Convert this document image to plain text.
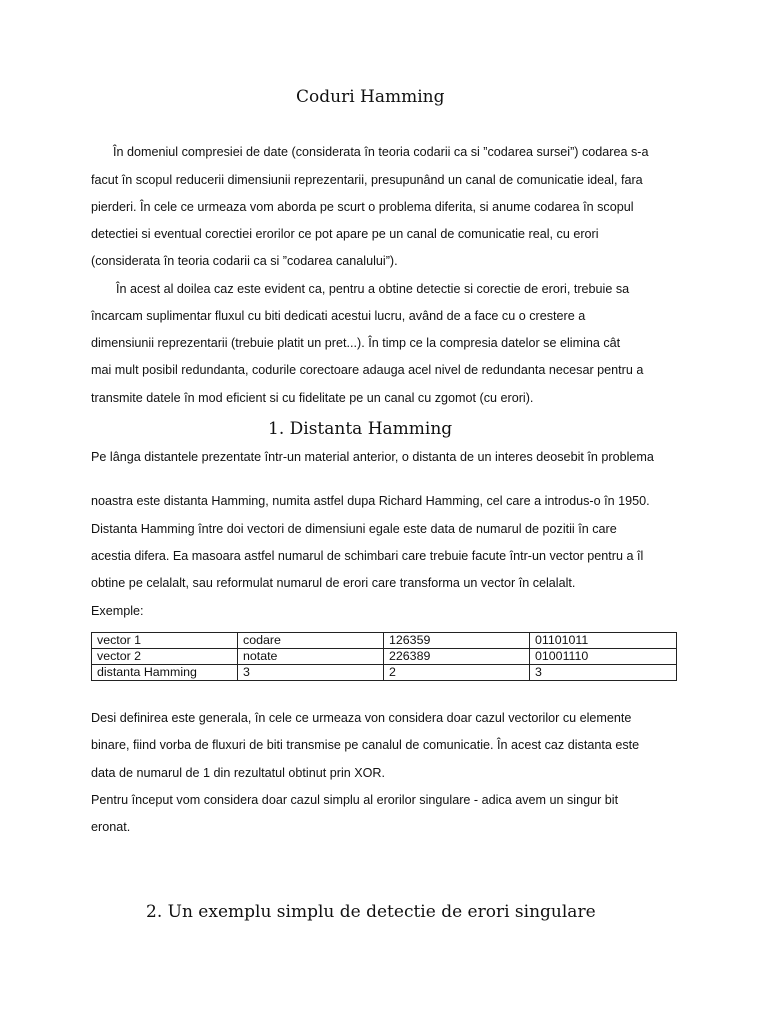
Coduri Hamming
În domeniul compresiei de date (considerata în teoria codarii ca si ”codarea sursei”) codarea s-a
facut în scopul reducerii dimensiunii reprezentarii, presupunând un canal de comunicatie ideal, fara
pierderi. În cele ce urmeaza vom aborda pe scurt o problema diferita, si anume codarea în scopul
detectiei si eventual corectiei erorilor ce pot apare pe un canal de comunicatie real, cu erori
(considerata în teoria codarii ca si ”codarea canalului”).
În acest al doilea caz este evident ca, pentru a obtine detectie si corectie de erori, trebuie sa
încarcam suplimentar fluxul cu biti dedicati acestui lucru, având de a face cu o crestere a
dimensiunii reprezentarii (trebuie platit un pret...). În timp ce la compresia datelor se elimina cât
mai mult posibil redundanta, codurile corectoare adauga acel nivel de redundanta necesar pentru a
transmite datele în mod eficient si cu fidelitate pe un canal cu zgomot (cu erori).
1. Distanta Hamming
Pe lânga distantele prezentate într-un material anterior, o distanta de un interes deosebit în problema
noastra este distanta Hamming, numita astfel dupa Richard Hamming, cel care a introdus-o în 1950.
Distanta Hamming între doi vectori de dimensiuni egale este data de numarul de pozitii în care
acestia difera. Ea masoara astfel numarul de schimbari care trebuie facute într-un vector pentru a îl
obtine pe celalalt, sau reformulat numarul de erori care transforma un vector în celalalt.
Exemple:
vector 1	codare	126359	01101011
vector 2	notate	226389	01001110
distanta Hamming	3	2	3
Desi definirea este generala, în cele ce urmeaza von considera doar cazul vectorilor cu elemente
binare, fiind vorba de fluxuri de biti transmise pe canalul de comunicatie. În acest caz distanta este
data de numarul de 1 din rezultatul obtinut prin XOR.
Pentru început vom considera doar cazul simplu al erorilor singulare - adica avem un singur bit
eronat.
2. Un exemplu simplu de detectie de erori singulare
